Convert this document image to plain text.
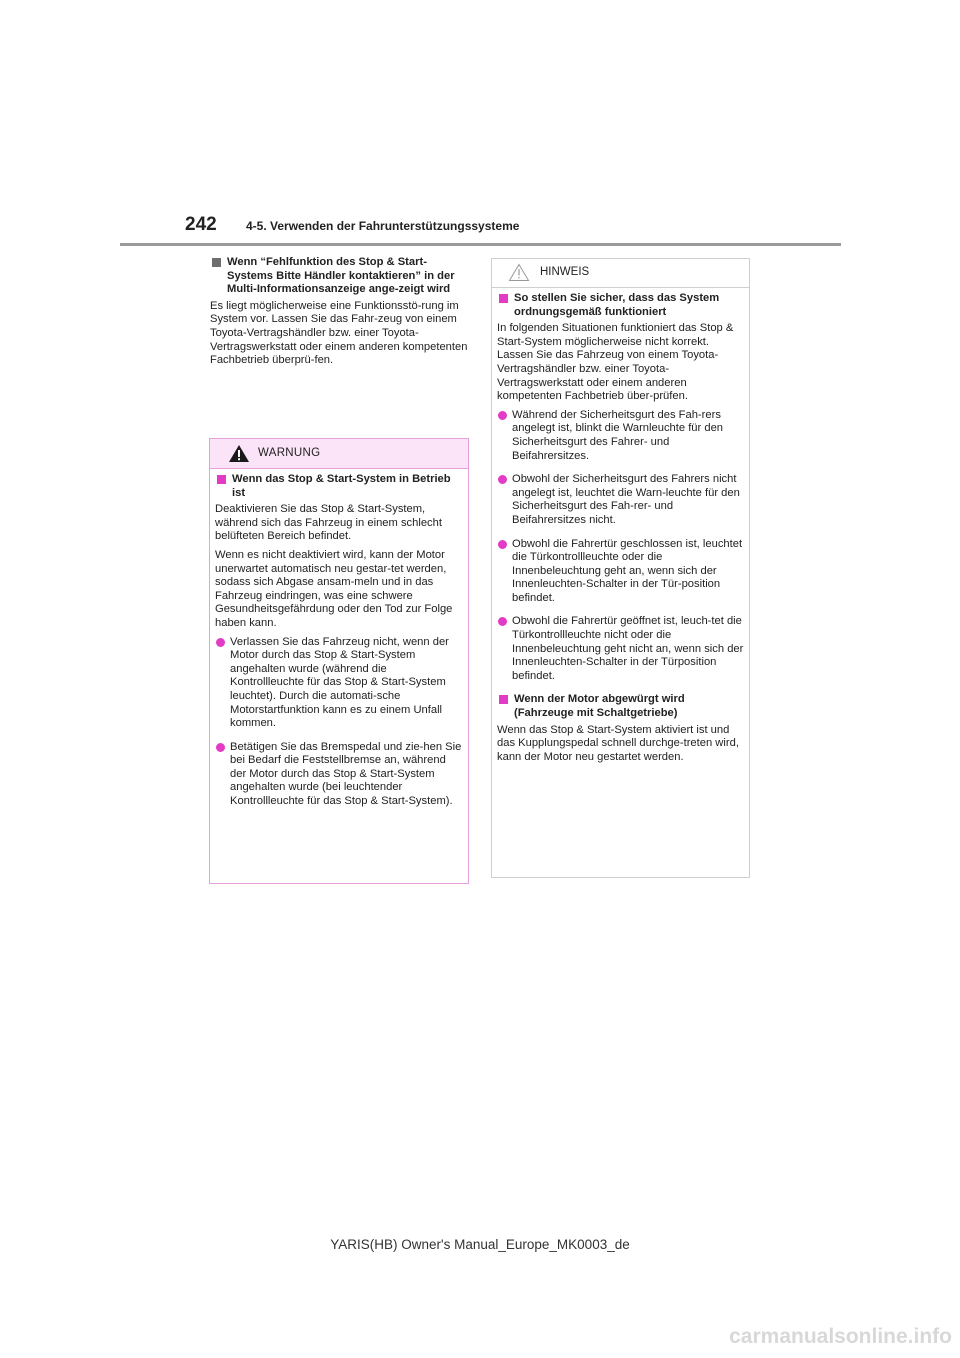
242 4-5. Verwenden der Fahrunterstützungssysteme
Wenn “Fehlfunktion des Stop & Start-Systems Bitte Händler kontaktieren” in der Multi-Informationsanzeige ange-zeigt wird

Es liegt möglicherweise eine Funktionsstö-rung im System vor. Lassen Sie das Fahr-zeug von einem Toyota-Vertragshändler bzw. einer Toyota-Vertragswerkstatt oder einem anderen kompetenten Fachbetrieb überprü-fen.

WARNUNG
Wenn das Stop & Start-System in Betrieb ist

Deaktivieren Sie das Stop & Start-System, während sich das Fahrzeug in einem schlecht belüfteten Bereich befindet.

Wenn es nicht deaktiviert wird, kann der Motor unerwartet automatisch neu gestar-tet werden, sodass sich Abgase ansam-meln und in das Fahrzeug eindringen, was eine schwere Gesundheitsgefährdung oder den Tod zur Folge haben kann.

Verlassen Sie das Fahrzeug nicht, wenn der Motor durch das Stop & Start-System angehalten wurde (während die Kontrollleuchte für das Stop & Start-System leuchtet). Durch die automati-sche Motorstartfunktion kann es zu einem Unfall kommen.
Betätigen Sie das Bremspedal und zie-hen Sie bei Bedarf die Feststellbremse an, während der Motor durch das Stop & Start-System angehalten wurde (bei leuchtender Kontrollleuchte für das Stop & Start-System).
HINWEIS
So stellen Sie sicher, dass das System ordnungsgemäß funktioniert

In folgenden Situationen funktioniert das Stop & Start-System möglicherweise nicht korrekt. Lassen Sie das Fahrzeug von einem Toyota-Vertragshändler bzw. einer Toyota-Vertragswerkstatt oder einem anderen kompetenten Fachbetrieb über-prüfen.

Während der Sicherheitsgurt des Fah-rers angelegt ist, blinkt die Warnleuchte für den Sicherheitsgurt des Fahrer- und Beifahrersitzes.
Obwohl der Sicherheitsgurt des Fahrers nicht angelegt ist, leuchtet die Warn-leuchte für den Sicherheitsgurt des Fah-rer- und Beifahrersitzes nicht.
Obwohl die Fahrertür geschlossen ist, leuchtet die Türkontrollleuchte oder die Innenbeleuchtung geht an, wenn sich der Innenleuchten-Schalter in der Tür-position befindet.
Obwohl die Fahrertür geöffnet ist, leuch-tet die Türkontrollleuchte nicht oder die Innenbeleuchtung geht nicht an, wenn sich der Innenleuchten-Schalter in der Türposition befindet.
Wenn der Motor abgewürgt wird (Fahrzeuge mit Schaltgetriebe)

Wenn das Stop & Start-System aktiviert ist und das Kupplungspedal schnell durchge-treten wird, kann der Motor neu gestartet werden.

YARIS(HB) Owner's Manual_Europe_MK0003_de
carmanualsonline.info
